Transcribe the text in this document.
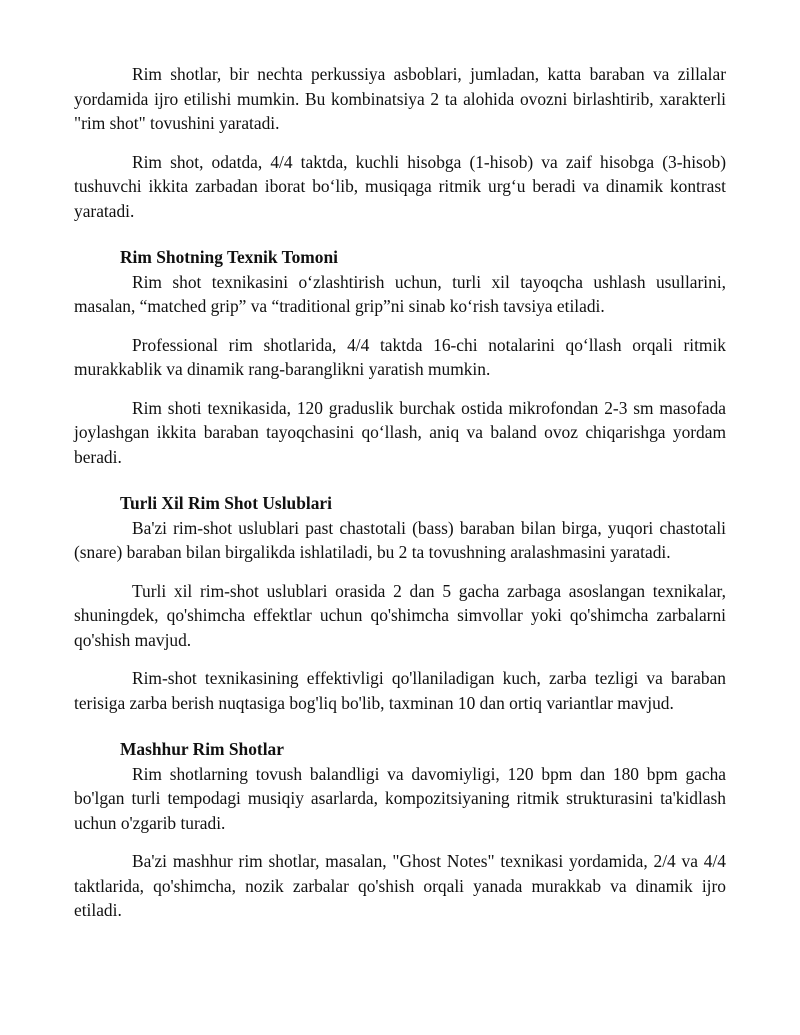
Rim shotlar, bir nechta perkussiya asboblari, jumladan, katta baraban va zillalar yordamida ijro etilishi mumkin. Bu kombinatsiya 2 ta alohida ovozni birlashtirib, xarakterli "rim shot" tovushini yaratadi.

Rim shot, odatda, 4/4 taktda, kuchli hisobga (1-hisob) va zaif hisobga (3-hisob) tushuvchi ikkita zarbadan iborat bo‘lib, musiqaga ritmik urg‘u beradi va dinamik kontrast yaratadi.

Rim Shotning Texnik Tomoni

Rim shot texnikasini o‘zlashtirish uchun, turli xil tayoqcha ushlash usullarini, masalan, “matched grip” va “traditional grip”ni sinab ko‘rish tavsiya etiladi.

Professional rim shotlarida, 4/4 taktda 16-chi notalarini qo‘llash orqali ritmik murakkablik va dinamik rang-baranglikni yaratish mumkin.

Rim shoti texnikasida, 120 graduslik burchak ostida mikrofondan 2-3 sm masofada joylashgan ikkita baraban tayoqchasini qo‘llash, aniq va baland ovoz chiqarishga yordam beradi.

Turli Xil Rim Shot Uslublari

Ba'zi rim-shot uslublari past chastotali (bass) baraban bilan birga, yuqori chastotali (snare) baraban bilan birgalikda ishlatiladi, bu 2 ta tovushning aralashmasini yaratadi.

Turli xil rim-shot uslublari orasida 2 dan 5 gacha zarbaga asoslangan texnikalar, shuningdek, qo'shimcha effektlar uchun qo'shimcha simvollar yoki qo'shimcha zarbalarni qo'shish mavjud.

Rim-shot texnikasining effektivligi qo'llaniladigan kuch, zarba tezligi va baraban terisiga zarba berish nuqtasiga bog'liq bo'lib, taxminan 10 dan ortiq variantlar mavjud.

Mashhur Rim Shotlar

Rim shotlarning tovush balandligi va davomiyligi, 120 bpm dan 180 bpm gacha bo'lgan turli tempodagi musiqiy asarlarda, kompozitsiyaning ritmik strukturasini ta'kidlash uchun o'zgarib turadi.

Ba'zi mashhur rim shotlar, masalan, "Ghost Notes" texnikasi yordamida, 2/4 va 4/4 taktlarida, qo'shimcha, nozik zarbalar qo'shish orqali yanada murakkab va dinamik ijro etiladi.
